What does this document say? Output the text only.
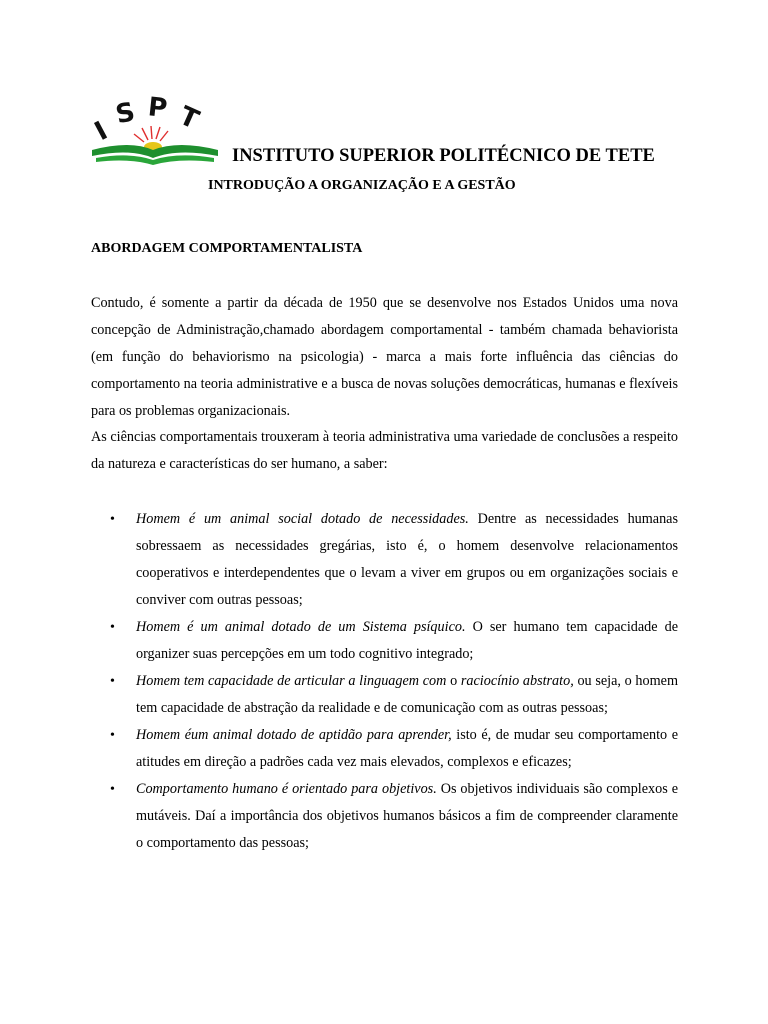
I
S P T
INSTITUTO SUPERIOR POLITÉCNICO DE TETE
INTRODUÇÃO A ORGANIZAÇÃO E A GESTÃO
ABORDAGEM COMPORTAMENTALISTA
Contudo, é somente a partir da década de 1950 que se desenvolve nos Estados Unidos uma nova concepção de Administração,chamado abordagem comportamental - também chamada behaviorista (em função do behaviorismo na psicologia) - marca a mais forte influência das ciências do comportamento na teoria administrative e a busca de novas soluções democráticas, humanas e flexíveis para os problemas organizacionais.
As ciências comportamentais trouxeram à teoria administrativa uma variedade de conclusões a respeito da natureza e características do ser humano, a saber:
• Homem é um animal social dotado de necessidades. Dentre as necessidades humanas sobressaem as necessidades gregárias, isto é, o homem desenvolve relacionamentos cooperativos e interdependentes que o levam a viver em grupos ou em organizações sociais e conviver com outras pessoas;
• Homem é um animal dotado de um Sistema psíquico. O ser humano tem capacidade de organizer suas percepções em um todo cognitivo integrado;
• Homem tem capacidade de articular a linguagem com o raciocínio abstrato, ou seja, o homem tem capacidade de abstração da realidade e de comunicação com as outras pessoas;
• Homem éum animal dotado de aptidão para aprender, isto é, de mudar seu comportamento e atitudes em direção a padrões cada vez mais elevados, complexos e eficazes;
• Comportamento humano é orientado para objetivos. Os objetivos individuais são complexos e mutáveis. Daí a importância dos objetivos humanos básicos a fim de compreender claramente o comportamento das pessoas;
